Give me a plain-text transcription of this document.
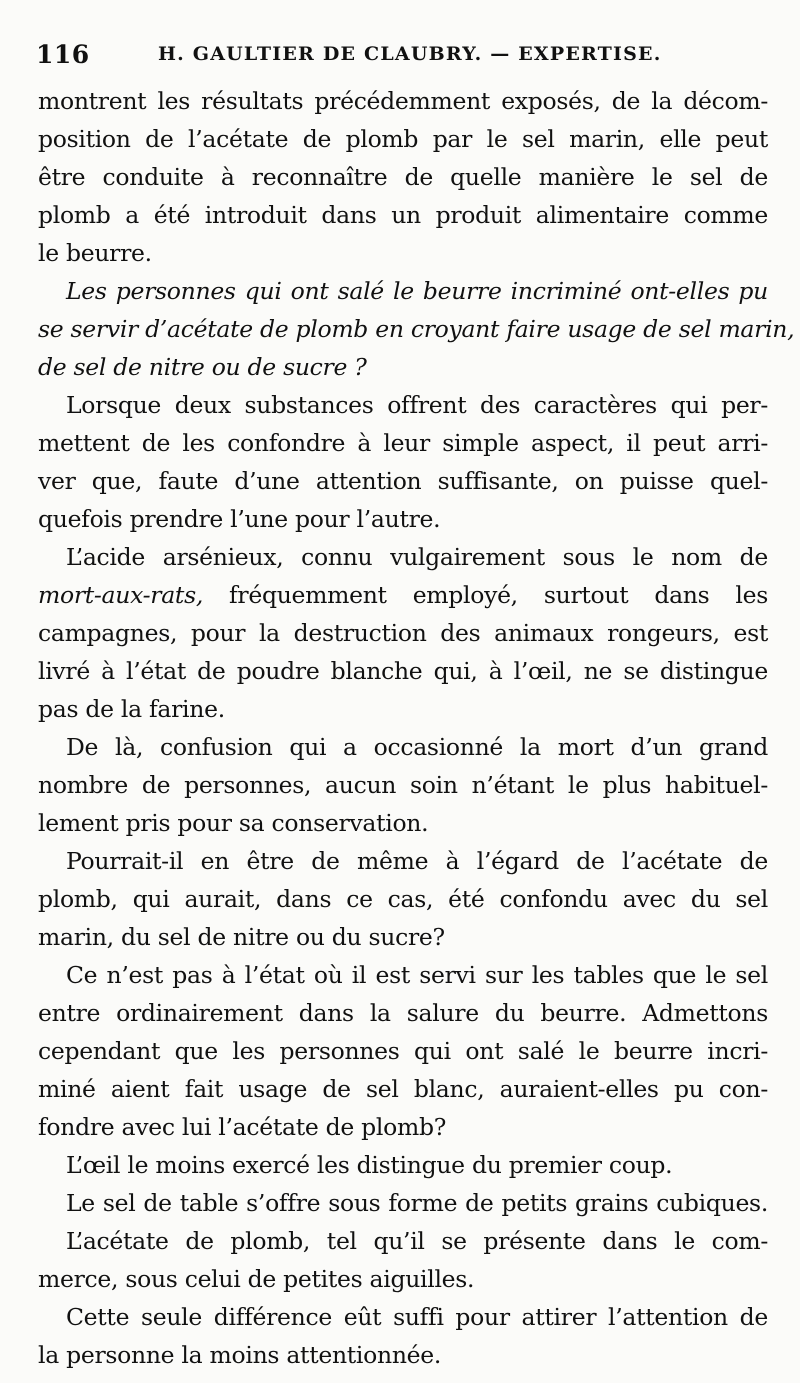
116	H. GAULTIER DE CLAUBRY. — EXPERTISE.
montrent les résultats précédemment exposés, de la décom-
position de l’acétate de plomb par le sel marin, elle peut
être conduite à reconnaître de quelle manière le sel de
plomb a été introduit dans un produit alimentaire comme
le beurre.
Les personnes qui ont salé le beurre incriminé ont-elles pu
se servir d’acétate de plomb en croyant faire usage de sel marin,
de sel de nitre ou de sucre ?
Lorsque deux substances offrent des caractères qui per-
mettent de les confondre à leur simple aspect, il peut arri-
ver que, faute d’une attention suffisante, on puisse quel-
quefois prendre l’une pour l’autre.
L’acide arsénieux, connu vulgairement sous le nom de
mort-aux-rats, fréquemment employé, surtout dans les
campagnes, pour la destruction des animaux rongeurs, est
livré à l’état de poudre blanche qui, à l’œil, ne se distingue
pas de la farine.
De là, confusion qui a occasionné la mort d’un grand
nombre de personnes, aucun soin n’étant le plus habituel-
lement pris pour sa conservation.
Pourrait-il en être de même à l’égard de l’acétate de
plomb, qui aurait, dans ce cas, été confondu avec du sel
marin, du sel de nitre ou du sucre?
Ce n’est pas à l’état où il est servi sur les tables que le sel
entre ordinairement dans la salure du beurre. Admettons
cependant que les personnes qui ont salé le beurre incri-
miné aient fait usage de sel blanc, auraient-elles pu con-
fondre avec lui l’acétate de plomb?
L’œil le moins exercé les distingue du premier coup.
Le sel de table s’offre sous forme de petits grains cubiques.
L’acétate de plomb, tel qu’il se présente dans le com-
merce, sous celui de petites aiguilles.
Cette seule différence eût suffi pour attirer l’attention de
la personne la moins attentionnée.
